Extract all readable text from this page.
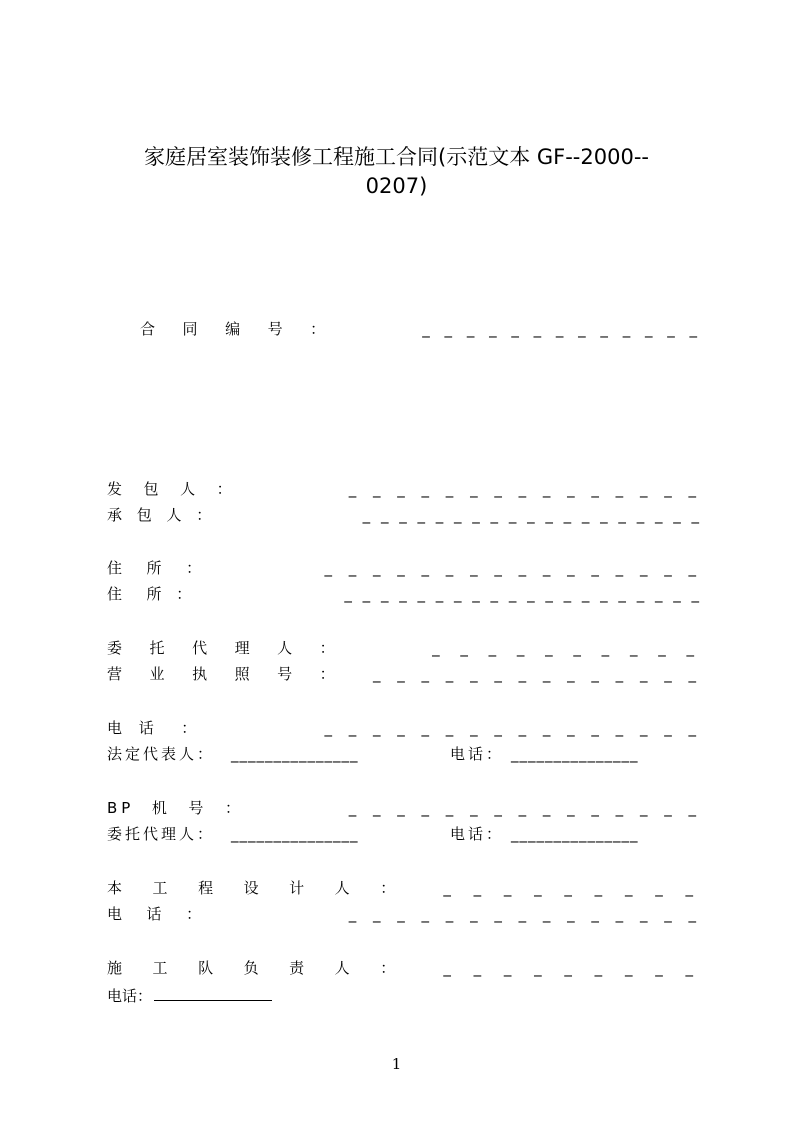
家庭居室装饰装修工程施工合同(示范文本 GF--2000--
0207)
合  同  编  号  ：	_ _ _ _ _ _ _ _ _ _ _ _ _
发  包  人  ：	_ _ _ _ _ _ _ _ _ _ _ _ _ _ _
承 包 人 ：	_ _ _ _ _ _ _ _ _ _ _ _ _ _ _ _ _ _ _
住  所  ：	_ _ _ _ _ _ _ _ _ _ _ _ _ _ _ _
住  所 ：	_ _ _ _ _ _ _ _ _ _ _ _ _ _ _ _ _ _ _ _
委  托  代  理  人  ：	_ _ _ _ _ _ _ _ _ _
营  业  执  照  号  ： _ _ _ _ _ _ _ _ _ _ _ _ _ _
电 话  ：	_ _ _ _ _ _ _ _ _ _ _ _ _ _ _ _
法定代表人： _______________	电话： _______________
BP  机  号  ：	_ _ _ _ _ _ _ _ _ _ _ _ _ _ _
委托代理人： _______________	电话： _______________
本  工  程  设  计  人  ：	_ _ _ _ _ _ _ _ _
电  话  ：	_ _ _ _ _ _ _ _ _ _ _ _ _ _ _
施  工  队  负  责  人  ：	_ _ _ _ _ _ _ _ _
电话：
1
